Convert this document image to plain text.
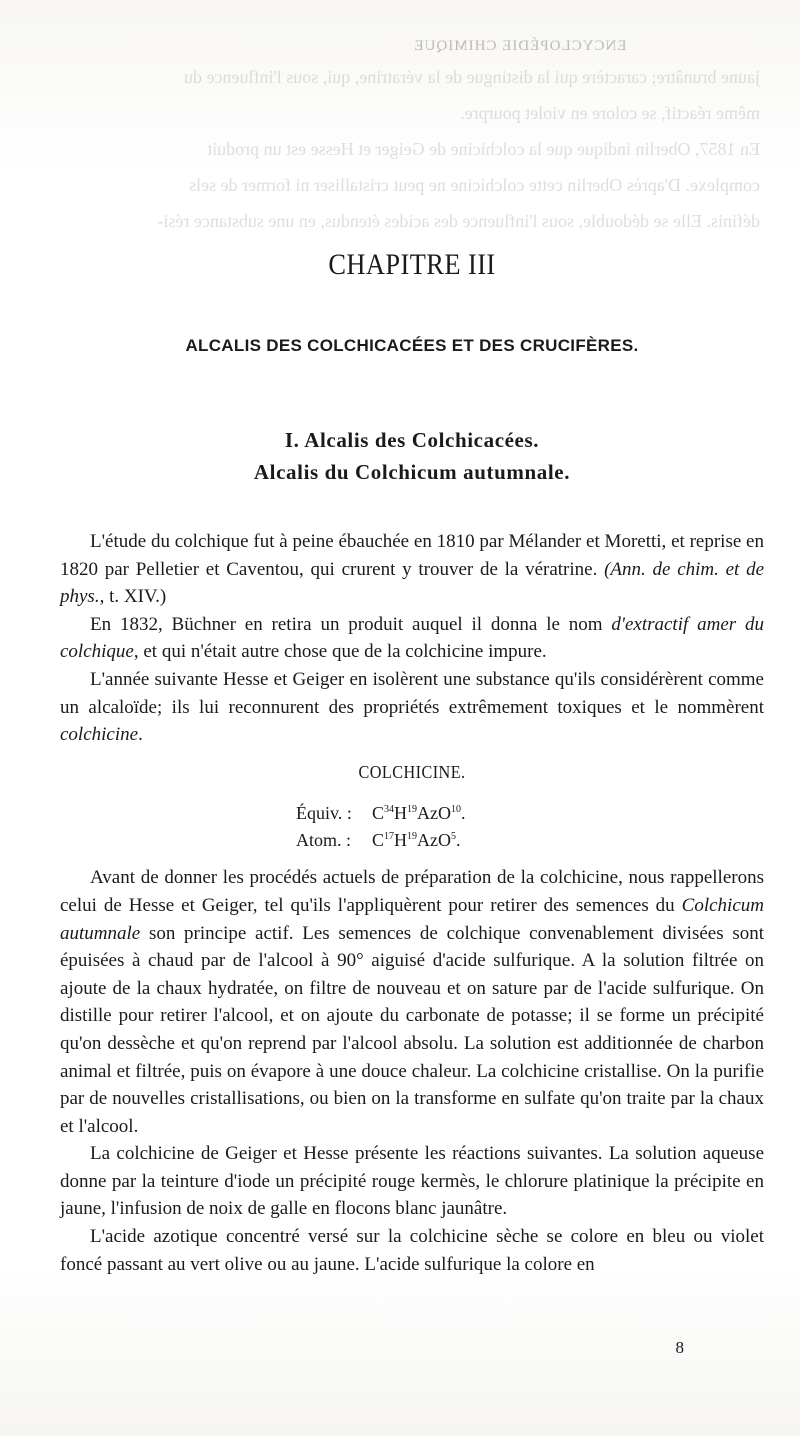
ENCYCLOPÉDIE CHIMIQUE
jaune brunâtre; caractère qui la distingue de la vératrine, qui, sous l'influence du
même réactif, se colore en violet pourpre.
En 1857, Oberlin indique que la colchicine de Geiger et Hesse est un produit
complexe. D'après Oberlin cette colchicine ne peut cristalliser ni former de sels
définis. Elle se dédouble, sous l'influence des acides étendus, en une substance rési-
CHAPITRE III
ALCALIS DES COLCHICACÉES ET DES CRUCIFÈRES.
I. Alcalis des Colchicacées.
Alcalis du Colchicum autumnale.

L'étude du colchique fut à peine ébauchée en 1810 par Mélander et Moretti, et reprise en 1820 par Pelletier et Caventou, qui crurent y trouver de la vératrine. (Ann. de chim. et de phys., t. XIV.)

En 1832, Büchner en retira un produit auquel il donna le nom d'extractif amer du colchique, et qui n'était autre chose que de la colchicine impure.

L'année suivante Hesse et Geiger en isolèrent une substance qu'ils considérèrent comme un alcaloïde; ils lui reconnurent des propriétés extrêmement toxiques et le nommèrent colchicine.

COLCHICINE.
Équiv. $:C^{34}H^{19}AzO^{10}$.
Atom. $:C^{17}H^{19}AzO^5$.

Avant de donner les procédés actuels de préparation de la colchicine, nous rappellerons celui de Hesse et Geiger, tel qu'ils l'appliquèrent pour retirer des semences du Colchicum autumnale son principe actif. Les semences de colchique convenablement divisées sont épuisées à chaud par de l'alcool à 90° aiguisé d'acide sulfurique. A la solution filtrée on ajoute de la chaux hydratée, on filtre de nouveau et on sature par de l'acide sulfurique. On distille pour retirer l'alcool, et on ajoute du carbonate de potasse; il se forme un précipité qu'on dessèche et qu'on reprend par l'alcool absolu. La solution est additionnée de charbon animal et filtrée, puis on évapore à une douce chaleur. La colchicine cristallise. On la purifie par de nouvelles cristallisations, ou bien on la transforme en sulfate qu'on traite par la chaux et l'alcool.

La colchicine de Geiger et Hesse présente les réactions suivantes. La solution aqueuse donne par la teinture d'iode un précipité rouge kermès, le chlorure platinique la précipite en jaune, l'infusion de noix de galle en flocons blanc jaunâtre.

L'acide azotique concentré versé sur la colchicine sèche se colore en bleu ou violet foncé passant au vert olive ou au jaune. L'acide sulfurique la colore en

8
